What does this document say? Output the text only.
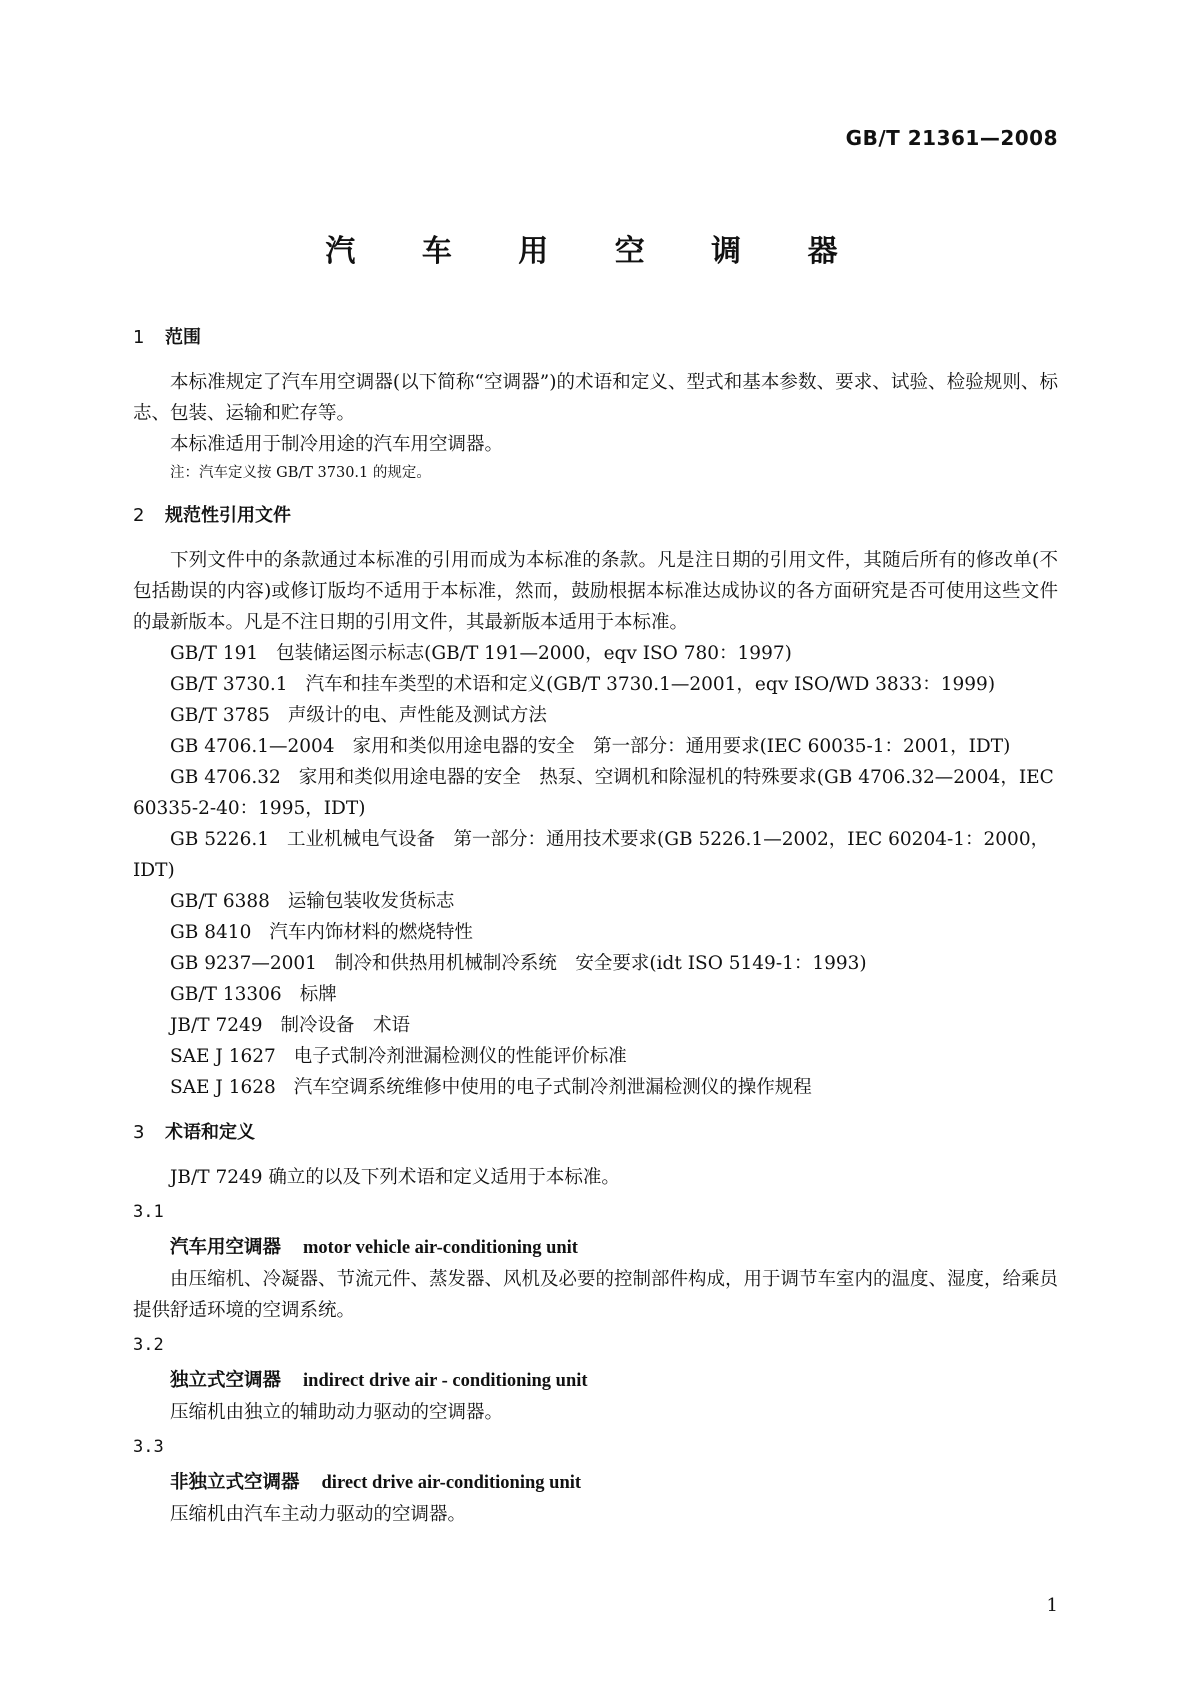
GB/T 21361—2008
汽 车 用 空 调 器
1 范围

本标准规定了汽车用空调器(以下简称“空调器”)的术语和定义、型式和基本参数、要求、试验、检验规则、标志、包装、运输和贮存等。

本标准适用于制冷用途的汽车用空调器。

注：汽车定义按 GB/T 3730.1 的规定。

2 规范性引用文件

下列文件中的条款通过本标准的引用而成为本标准的条款。凡是注日期的引用文件，其随后所有的修改单(不包括勘误的内容)或修订版均不适用于本标准，然而，鼓励根据本标准达成协议的各方面研究是否可使用这些文件的最新版本。凡是不注日期的引用文件，其最新版本适用于本标准。

GB/T 191 包装储运图示标志(GB/T 191—2000，eqv ISO 780：1997)

GB/T 3730.1 汽车和挂车类型的术语和定义(GB/T 3730.1—2001，eqv ISO/WD 3833：1999)

GB/T 3785 声级计的电、声性能及测试方法

GB 4706.1—2004 家用和类似用途电器的安全　第一部分：通用要求(IEC 60035-1：2001，IDT)

GB 4706.32 家用和类似用途电器的安全　热泵、空调机和除湿机的特殊要求(GB 4706.32—2004，IEC 60335-2-40：1995，IDT)

GB 5226.1 工业机械电气设备　第一部分：通用技术要求(GB 5226.1—2002，IEC 60204-1：2000，IDT)

GB/T 6388 运输包装收发货标志

GB 8410 汽车内饰材料的燃烧特性

GB 9237—2001 制冷和供热用机械制冷系统　安全要求(idt ISO 5149-1：1993)

GB/T 13306 标牌

JB/T 7249 制冷设备　术语

SAE J 1627 电子式制冷剂泄漏检测仪的性能评价标准

SAE J 1628 汽车空调系统维修中使用的电子式制冷剂泄漏检测仪的操作规程

3 术语和定义

JB/T 7249 确立的以及下列术语和定义适用于本标准。

3.1
汽车用空调器 motor vehicle air-conditioning unit

由压缩机、冷凝器、节流元件、蒸发器、风机及必要的控制部件构成，用于调节车室内的温度、湿度，给乘员提供舒适环境的空调系统。

3.2
独立式空调器 indirect drive air - conditioning unit

压缩机由独立的辅助动力驱动的空调器。

3.3
非独立式空调器 direct drive air-conditioning unit

压缩机由汽车主动力驱动的空调器。

1
